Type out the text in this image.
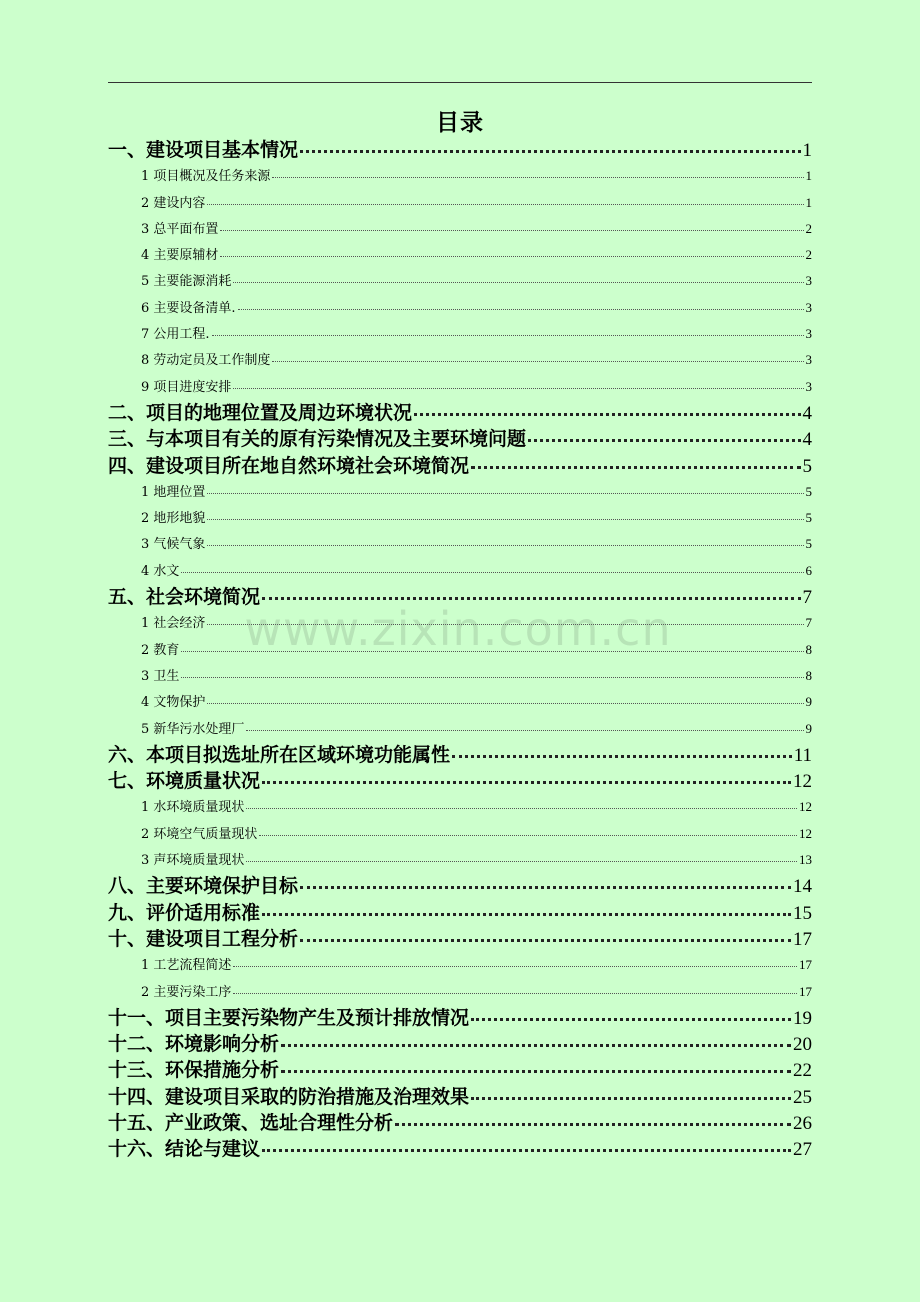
目录
一、建设项目基本情况	1
1 项目概况及任务来源	1
2 建设内容	1
3 总平面布置	2
4 主要原辅材	2
5 主要能源消耗	3
6 主要设备清单.	3
7 公用工程.	3
8 劳动定员及工作制度	3
9 项目进度安排	3
二、项目的地理位置及周边环境状况	4
三、与本项目有关的原有污染情况及主要环境问题	4
四、建设项目所在地自然环境社会环境简况	5
1 地理位置	5
2 地形地貌	5
3 气候气象	5
4 水文	6
五、社会环境简况	7
1 社会经济	7
2 教育	8
3 卫生	8
4 文物保护	9
5 新华污水处理厂	9
六、本项目拟选址所在区域环境功能属性	11
七、环境质量状况	12
1 水环境质量现状	12
2 环境空气质量现状	12
3 声环境质量现状	13
八、主要环境保护目标	14
九、评价适用标准	15
十、建设项目工程分析	17
1 工艺流程简述	17
2 主要污染工序	17
十一、项目主要污染物产生及预计排放情况	19
十二、环境影响分析	20
十三、环保措施分析	22
十四、建设项目采取的防治措施及治理效果	25
十五、产业政策、选址合理性分析	26
十六、结论与建议	27
www.zixin.com.cn
